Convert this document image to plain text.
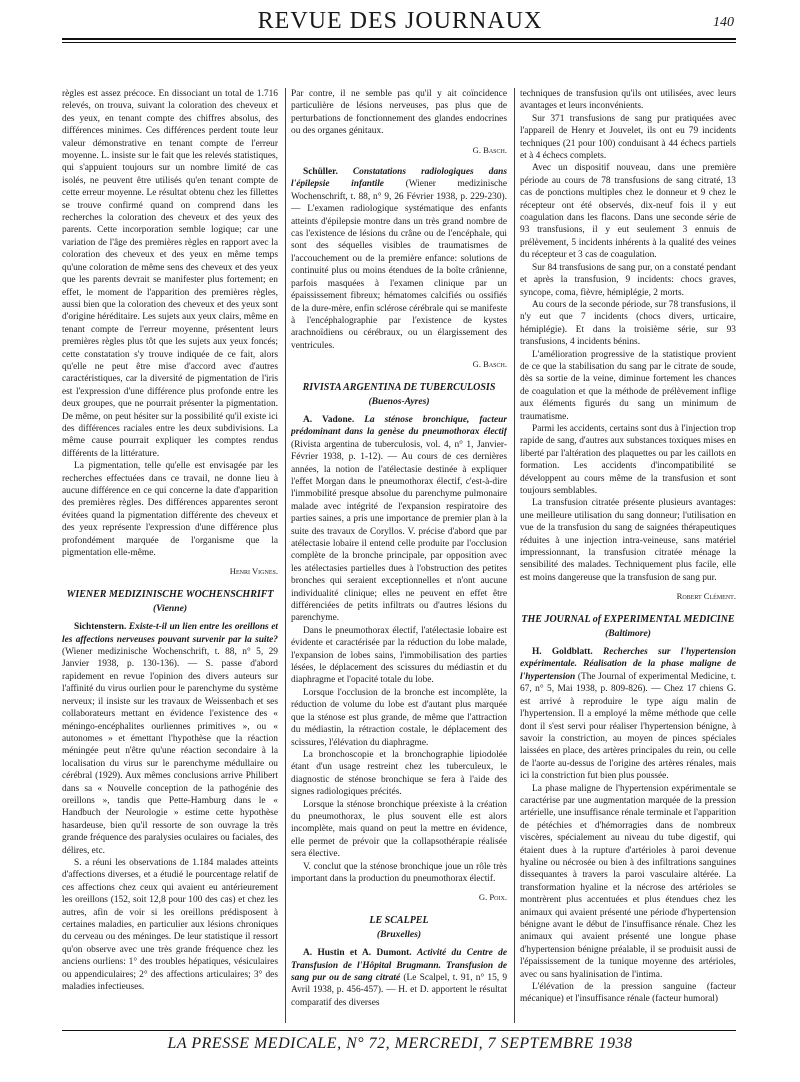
REVUE DES JOURNAUX	140

règles est assez précoce. En dissociant un total de 1.716 relevés, on trouva, suivant la coloration des cheveux et des yeux, en tenant compte des chiffres absolus, des différences minimes. Ces différences perdent toute leur valeur démonstrative en tenant compte de l'erreur moyenne. L. insiste sur le fait que les relevés statistiques, qui s'appuient toujours sur un nombre limité de cas isolés, ne peuvent être utilisés qu'en tenant compte de cette erreur moyenne. Le résultat obtenu chez les fillettes se trouve confirmé quand on comprend dans les recherches la coloration des cheveux et des yeux des parents. Cette incorporation semble logique; car une variation de l'âge des premières règles en rapport avec la coloration des cheveux et des yeux en même temps qu'une coloration de même sens des cheveux et des yeux que les parents devrait se manifester plus fortement; en effet, le moment de l'apparition des premières règles, aussi bien que la coloration des cheveux et des yeux sont d'origine héréditaire. Les sujets aux yeux clairs, même en tenant compte de l'erreur moyenne, présentent leurs premières règles plus tôt que les sujets aux yeux foncés; cette constatation s'y trouve indiquée de ce fait, alors qu'elle ne peut être mise d'accord avec d'autres caractéristiques, car la diversité de pigmentation de l'iris est l'expression d'une différence plus profonde entre les deux groupes, que ne pourrait présenter la pigmentation. De même, on peut hésiter sur la possibilité qu'il existe ici des différences raciales entre les deux subdivisions. La même cause pourrait expliquer les comptes rendus différents de la littérature.

La pigmentation, telle qu'elle est envisagée par les recherches effectuées dans ce travail, ne donne lieu à aucune différence en ce qui concerne la date d'apparition des premières règles. Des différences apparentes seront évitées quand la pigmentation différente des cheveux et des yeux représente l'expression d'une différence plus profondément marquée de l'organisme que la pigmentation elle-même.

Henri Vignes.

WIENER MEDIZINISCHE WOCHENSCHRIFT

(Vienne)

Sichtenstern. Existe-t-il un lien entre les oreillons et les affections nerveuses pouvant survenir par la suite? (Wiener medizinische Wochenschrift, t. 88, n° 5, 29 Janvier 1938, p. 130-136). — S. passe d'abord rapidement en revue l'opinion des divers auteurs sur l'affinité du virus ourlien pour le parenchyme du système nerveux; il insiste sur les travaux de Weissenbach et ses collaborateurs mettant en évidence l'existence des « méningo-encéphalites ourliennes primitives », ou « autonomes » et émettant l'hypothèse que la réaction méningée peut n'être qu'une réaction secondaire à la localisation du virus sur le parenchyme médullaire ou cérébral (1929). Aux mêmes conclusions arrive Philibert dans sa « Nouvelle conception de la pathogénie des oreillons », tandis que Pette-Hamburg dans le « Handbuch der Neurologie » estime cette hypothèse hasardeuse, bien qu'il ressorte de son ouvrage la très grande fréquence des paralysies oculaires ou faciales, des délires, etc.

S. a réuni les observations de 1.184 malades atteints d'affections diverses, et a étudié le pourcentage relatif de ces affections chez ceux qui avaient eu antérieurement les oreillons (152, soit 12,8 pour 100 des cas) et chez les autres, afin de voir si les oreillons prédisposent à certaines maladies, en particulier aux lésions chroniques du cerveau ou des méninges. De leur statistique il ressort qu'on observe avec une très grande fréquence chez les anciens ourliens: 1° des troubles hépatiques, vésiculaires ou appendiculaires; 2° des affections articulaires; 3° des maladies infectieuses.

Par contre, il ne semble pas qu'il y ait coïncidence particulière de lésions nerveuses, pas plus que de perturbations de fonctionnement des glandes endocrines ou des organes génitaux.

G. Basch.

Schüller. Constatations radiologiques dans l'épilepsie infantile (Wiener medizinische Wochenschrift, t. 88, n° 9, 26 Février 1938, p. 229-230). — L'examen radiologique systématique des enfants atteints d'épilepsie montre dans un très grand nombre de cas l'existence de lésions du crâne ou de l'encéphale, qui sont des séquelles visibles de traumatismes de l'accouchement ou de la première enfance: solutions de continuité plus ou moins étendues de la boîte crânienne, parfois masquées à l'examen clinique par un épaississement fibreux; hématomes calcifiés ou ossifiés de la dure-mère, enfin sclérose cérébrale qui se manifeste à l'encéphalographie par l'existence de kystes arachnoïdiens ou cérébraux, ou un élargissement des ventricules.

G. Basch.

RIVISTA ARGENTINA DE TUBERCULOSIS

(Buenos-Ayres)

A. Vadone. La sténose bronchique, facteur prédominant dans la genèse du pneumothorax électif (Rivista argentina de tuberculosis, vol. 4, n° 1, Janvier-Février 1938, p. 1-12). — Au cours de ces dernières années, la notion de l'atélectasie destinée à expliquer l'effet Morgan dans le pneumothorax électif, c'est-à-dire l'immobilité presque absolue du parenchyme pulmonaire malade avec intégrité de l'expansion respiratoire des parties saines, a pris une importance de premier plan à la suite des travaux de Coryllos. V. précise d'abord que par atélectasie lobaire il entend celle produite par l'occlusion complète de la bronche principale, par opposition avec les atélectasies partielles dues à l'obstruction des petites bronches qui seraient exceptionnelles et n'ont aucune individualité clinique; elles ne peuvent en effet être différenciées de petits infiltrats ou d'autres lésions du parenchyme.

Dans le pneumothorax électif, l'atélectasie lobaire est évidente et caractérisée par la réduction du lobe malade, l'expansion de lobes sains, l'immobilisation des parties lésées, le déplacement des scissures du médiastin et du diaphragme et l'opacité totale du lobe.

Lorsque l'occlusion de la bronche est incomplète, la réduction de volume du lobe est d'autant plus marquée que la sténose est plus grande, de même que l'attraction du médiastin, la rétraction costale, le déplacement des scissures, l'élévation du diaphragme.

La bronchoscopie et la bronchographie lipiodolée étant d'un usage restreint chez les tuberculeux, le diagnostic de sténose bronchique se fera à l'aide des signes radiologiques précités.

Lorsque la sténose bronchique préexiste à la création du pneumothorax, le plus souvent elle est alors incomplète, mais quand on peut la mettre en évidence, elle permet de prévoir que la collapsothérapie réalisée sera élective.

V. conclut que la sténose bronchique joue un rôle très important dans la production du pneumothorax électif.

G. Poix.

LE SCALPEL

(Bruxelles)

A. Hustin et A. Dumont. Activité du Centre de Transfusion de l'Hôpital Brugmann. Transfusion de sang pur ou de sang citraté (Le Scalpel, t. 91, n° 15, 9 Avril 1938, p. 456-457). — H. et D. apportent le résultat comparatif des diverses

techniques de transfusion qu'ils ont utilisées, avec leurs avantages et leurs inconvénients.

Sur 371 transfusions de sang pur pratiquées avec l'appareil de Henry et Jouvelet, ils ont eu 79 incidents techniques (21 pour 100) conduisant à 44 échecs partiels et à 4 échecs complets.

Avec un dispositif nouveau, dans une première période au cours de 78 transfusions de sang citraté, 13 cas de ponctions multiples chez le donneur et 9 chez le récepteur ont été observés, dix-neuf fois il y eut coagulation dans les flacons. Dans une seconde série de 93 transfusions, il y eut seulement 3 ennuis de prélèvement, 5 incidents inhérents à la qualité des veines du récepteur et 3 cas de coagulation.

Sur 84 transfusions de sang pur, on a constaté pendant et après la transfusion, 9 incidents: chocs graves, syncope, coma, fièvre, hémiplégie, 2 morts.

Au cours de la seconde période, sur 78 transfusions, il n'y eut que 7 incidents (chocs divers, urticaire, hémiplégie). Et dans la troisième série, sur 93 transfusions, 4 incidents bénins.

L'amélioration progressive de la statistique provient de ce que la stabilisation du sang par le citrate de soude, dès sa sortie de la veine, diminue fortement les chances de coagulation et que la méthode de prélèvement inflige aux éléments figurés du sang un minimum de traumatisme.

Parmi les accidents, certains sont dus à l'injection trop rapide de sang, d'autres aux substances toxiques mises en liberté par l'altération des plaquettes ou par les caillots en formation. Les accidents d'incompatibilité se développent au cours même de la transfusion et sont toujours semblables.

La transfusion citratée présente plusieurs avantages: une meilleure utilisation du sang donneur; l'utilisation en vue de la transfusion du sang de saignées thérapeutiques réduites à une injection intra-veineuse, sans matériel impressionnant, la transfusion citratée ménage la sensibilité des malades. Techniquement plus facile, elle est moins dangereuse que la transfusion de sang pur.

Robert Clément.

THE JOURNAL of EXPERIMENTAL MEDICINE

(Baltimore)

H. Goldblatt. Recherches sur l'hypertension expérimentale. Réalisation de la phase maligne de l'hypertension (The Journal of experimental Medicine, t. 67, n° 5, Mai 1938, p. 809-826). — Chez 17 chiens G. est arrivé à reproduire le type aigu malin de l'hypertension. Il a employé la même méthode que celle dont il s'est servi pour réaliser l'hypertension bénigne, à savoir la constriction, au moyen de pinces spéciales laissées en place, des artères principales du rein, ou celle de l'aorte au-dessus de l'origine des artères rénales, mais ici la constriction fut bien plus poussée.

La phase maligne de l'hypertension expérimentale se caractérise par une augmentation marquée de la pression artérielle, une insuffisance rénale terminale et l'apparition de pétéchies et d'hémorragies dans de nombreux viscères, spécialement au niveau du tube digestif, qui étaient dues à la rupture d'artérioles à paroi devenue hyaline ou nécrosée ou bien à des infiltrations sanguines dissequantes à travers la paroi vasculaire altérée. La transformation hyaline et la nécrose des artérioles se montrèrent plus accentuées et plus étendues chez les animaux qui avaient présenté une période d'hypertension bénigne avant le début de l'insuffisance rénale. Chez les animaux qui avaient présenté une longue phase d'hypertension bénigne préalable, il se produisit aussi de l'épaississement de la tunique moyenne des artérioles, avec ou sans hyalinisation de l'intima.

L'élévation de la pression sanguine (facteur mécanique) et l'insuffisance rénale (facteur humoral)

LA PRESSE MEDICALE, N° 72, MERCREDI, 7 SEPTEMBRE 1938
